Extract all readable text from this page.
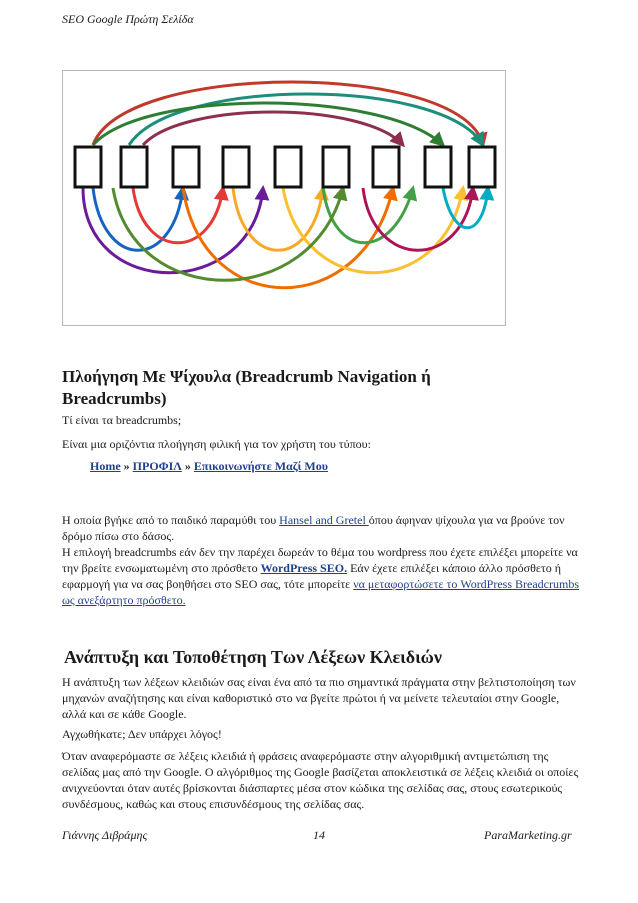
SEO Google Πρώτη Σελίδα
Πλοήγηση Με Ψίχουλα (Breadcrumb Navigation ή Breadcrumbs)

Τί είναι τα breadcrumbs;

Είναι μια οριζόντια πλοήγηση φιλική για τον χρήστη του τύπου:

Home » ΠΡΟΦΙΛ » Επικοινωνήστε Μαζί Μου

Η οποία βγήκε από το παιδικό παραμύθι του Hansel and Gretel όπου άφηναν ψίχουλα για να βρούνε τον δρόμο πίσω στο δάσος.

Η επιλογή breadcrumbs εάν δεν την παρέχει δωρεάν το θέμα του wordpress που έχετε επιλέξει μπορείτε να την βρείτε ενσωματωμένη στο πρόσθετο WordPress SEO. Εάν έχετε επιλέξει κάποιο άλλο πρόσθετο ή εφαρμογή για να σας βοηθήσει στο SEO σας, τότε μπορείτε να μεταφορτώσετε το WordPress Breadcrumbs ως ανεξάρτητο πρόσθετο.

Ανάπτυξη και Τοποθέτηση Των Λέξεων Κλειδιών

Η ανάπτυξη των λέξεων κλειδιών σας είναι ένα από τα πιο σημαντικά πράγματα στην βελτιστοποίηση των μηχανών αναζήτησης και είναι καθοριστικό στο να βγείτε πρώτοι ή να μείνετε τελευταίοι στην Google, αλλά και σε κάθε Google.

Αγχωθήκατε; Δεν υπάρχει λόγος!

Όταν αναφερόμαστε σε λέξεις κλειδιά ή φράσεις αναφερόμαστε στην αλγοριθμική αντιμετώπιση της σελίδας μας από την Google. Ο αλγόριθμος της Google βασίζεται αποκλειστικά σε λέξεις κλειδιά οι οποίες ανιχνεύονται όταν αυτές βρίσκονται διάσπαρτες μέσα στον κώδικα της σελίδας σας, στους εσωτερικούς συνδέσμους, καθώς και στους επισυνδέσμους της σελίδας σας.

Γιάννης Διβράμης	14	ParaMarketing.gr
